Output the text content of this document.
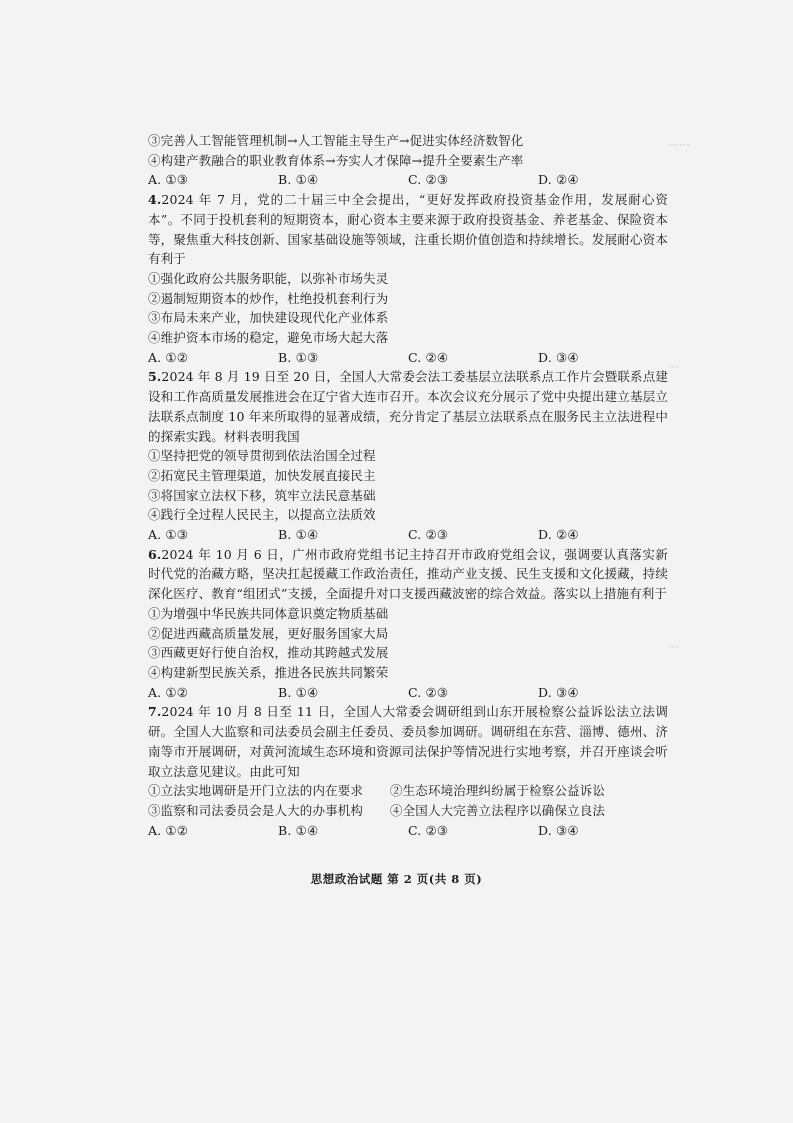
⋯⋯
⋯
⋯
③完善人工智能管理机制→人工智能主导生产→促进实体经济数智化
④构建产教融合的职业教育体系→夯实人才保障→提升全要素生产率
A. ①③	B. ①④	C. ②③	D. ②④
4.2024 年 7 月，党的二十届三中全会提出，“更好发挥政府投资基金作用，发展耐心资本”。不同于投机套利的短期资本，耐心资本主要来源于政府投资基金、养老基金、保险资本等，聚焦重大科技创新、国家基础设施等领域，注重长期价值创造和持续增长。发展耐心资本有利于
①强化政府公共服务职能，以弥补市场失灵
②遏制短期资本的炒作，杜绝投机套利行为
③布局未来产业，加快建设现代化产业体系
④维护资本市场的稳定，避免市场大起大落
A. ①②	B. ①③	C. ②④	D. ③④
5.2024 年 8 月 19 日至 20 日，全国人大常委会法工委基层立法联系点工作片会暨联系点建设和工作高质量发展推进会在辽宁省大连市召开。本次会议充分展示了党中央提出建立基层立法联系点制度 10 年来所取得的显著成绩，充分肯定了基层立法联系点在服务民主立法进程中的探索实践。材料表明我国
①坚持把党的领导贯彻到依法治国全过程
②拓宽民主管理渠道，加快发展直接民主
③将国家立法权下移，筑牢立法民意基础
④践行全过程人民民主，以提高立法质效
A. ①③	B. ①④	C. ②③	D. ②④
6.2024 年 10 月 6 日，广州市政府党组书记主持召开市政府党组会议，强调要认真落实新时代党的治藏方略，坚决扛起援藏工作政治责任，推动产业支援、民生支援和文化援藏，持续深化医疗、教育“组团式”支援，全面提升对口支援西藏波密的综合效益。落实以上措施有利于
①为增强中华民族共同体意识奠定物质基础
②促进西藏高质量发展，更好服务国家大局
③西藏更好行使自治权，推动其跨越式发展
④构建新型民族关系，推进各民族共同繁荣
A. ①②	B. ①④	C. ②③	D. ③④
7.2024 年 10 月 8 日至 11 日，全国人大常委会调研组到山东开展检察公益诉讼法立法调研。全国人大监察和司法委员会副主任委员、委员参加调研。调研组在东营、淄博、德州、济南等市开展调研，对黄河流域生态环境和资源司法保护等情况进行实地考察，并召开座谈会听取立法意见建议。由此可知
①立法实地调研是开门立法的内在要求	②生态环境治理纠纷属于检察公益诉讼
③监察和司法委员会是人大的办事机构	④全国人大完善立法程序以确保立良法
A. ①②	B. ①④	C. ②③	D. ③④
思想政治试题 第 2 页(共 8 页)
